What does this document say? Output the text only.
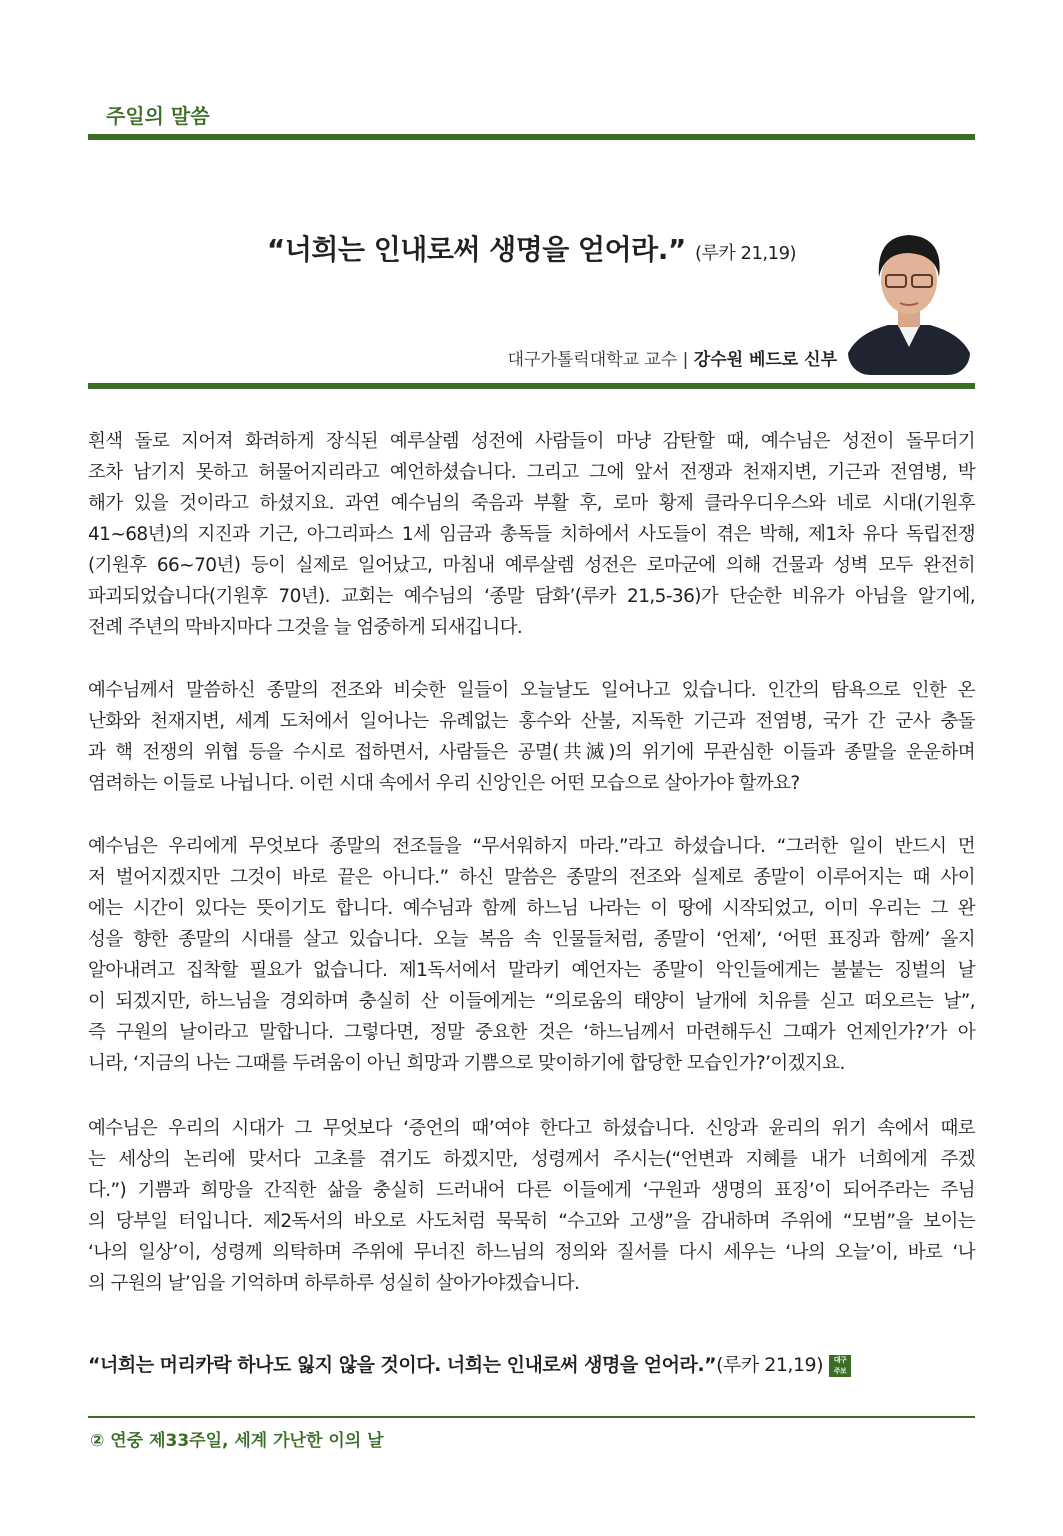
주일의 말씀
“너희는 인내로써 생명을 얻어라.” (루카 21,19)
대구가톨릭대학교 교수 | 강수원 베드로 신부
흰색 돌로 지어져 화려하게 장식된 예루살렘 성전에 사람들이 마냥 감탄할 때, 예수님은 성전이 돌무더기
조차 남기지 못하고 허물어지리라고 예언하셨습니다. 그리고 그에 앞서 전쟁과 천재지변, 기근과 전염병, 박
해가 있을 것이라고 하셨지요. 과연 예수님의 죽음과 부활 후, 로마 황제 클라우디우스와 네로 시대(기원후
41~68년)의 지진과 기근, 아그리파스 1세 임금과 총독들 치하에서 사도들이 겪은 박해, 제1차 유다 독립전쟁
(기원후 66~70년) 등이 실제로 일어났고, 마침내 예루살렘 성전은 로마군에 의해 건물과 성벽 모두 완전히
파괴되었습니다(기원후 70년). 교회는 예수님의 ‘종말 담화’(루카 21,5-36)가 단순한 비유가 아님을 알기에,
전례 주년의 막바지마다 그것을 늘 엄중하게 되새깁니다.
예수님께서 말씀하신 종말의 전조와 비슷한 일들이 오늘날도 일어나고 있습니다. 인간의 탐욕으로 인한 온
난화와 천재지변, 세계 도처에서 일어나는 유례없는 홍수와 산불, 지독한 기근과 전염병, 국가 간 군사 충돌
과 핵 전쟁의 위협 등을 수시로 접하면서, 사람들은 공멸(共滅)의 위기에 무관심한 이들과 종말을 운운하며
염려하는 이들로 나뉩니다. 이런 시대 속에서 우리 신앙인은 어떤 모습으로 살아가야 할까요?
예수님은 우리에게 무엇보다 종말의 전조들을 “무서워하지 마라.”라고 하셨습니다. “그러한 일이 반드시 먼
저 벌어지겠지만 그것이 바로 끝은 아니다.” 하신 말씀은 종말의 전조와 실제로 종말이 이루어지는 때 사이
에는 시간이 있다는 뜻이기도 합니다. 예수님과 함께 하느님 나라는 이 땅에 시작되었고, 이미 우리는 그 완
성을 향한 종말의 시대를 살고 있습니다. 오늘 복음 속 인물들처럼, 종말이 ‘언제’, ‘어떤 표징과 함께’ 올지
알아내려고 집착할 필요가 없습니다. 제1독서에서 말라키 예언자는 종말이 악인들에게는 불붙는 징벌의 날
이 되겠지만, 하느님을 경외하며 충실히 산 이들에게는 “의로움의 태양이 날개에 치유를 싣고 떠오르는 날”,
즉 구원의 날이라고 말합니다. 그렇다면, 정말 중요한 것은 ‘하느님께서 마련해두신 그때가 언제인가?’가 아
니라, ‘지금의 나는 그때를 두려움이 아닌 희망과 기쁨으로 맞이하기에 합당한 모습인가?’이겠지요.
예수님은 우리의 시대가 그 무엇보다 ‘증언의 때’여야 한다고 하셨습니다. 신앙과 윤리의 위기 속에서 때로
는 세상의 논리에 맞서다 고초를 겪기도 하겠지만, 성령께서 주시는(“언변과 지혜를 내가 너희에게 주겠
다.”) 기쁨과 희망을 간직한 삶을 충실히 드러내어 다른 이들에게 ‘구원과 생명의 표징’이 되어주라는 주님
의 당부일 터입니다. 제2독서의 바오로 사도처럼 묵묵히 “수고와 고생”을 감내하며 주위에 “모범”을 보이는
‘나의 일상’이, 성령께 의탁하며 주위에 무너진 하느님의 정의와 질서를 다시 세우는 ‘나의 오늘’이, 바로 ‘나
의 구원의 날’임을 기억하며 하루하루 성실히 살아가야겠습니다.
“너희는 머리카락 하나도 잃지 않을 것이다. 너희는 인내로써 생명을 얻어라.”(루카 21,19) 대구
주보
② 연중 제33주일, 세계 가난한 이의 날
